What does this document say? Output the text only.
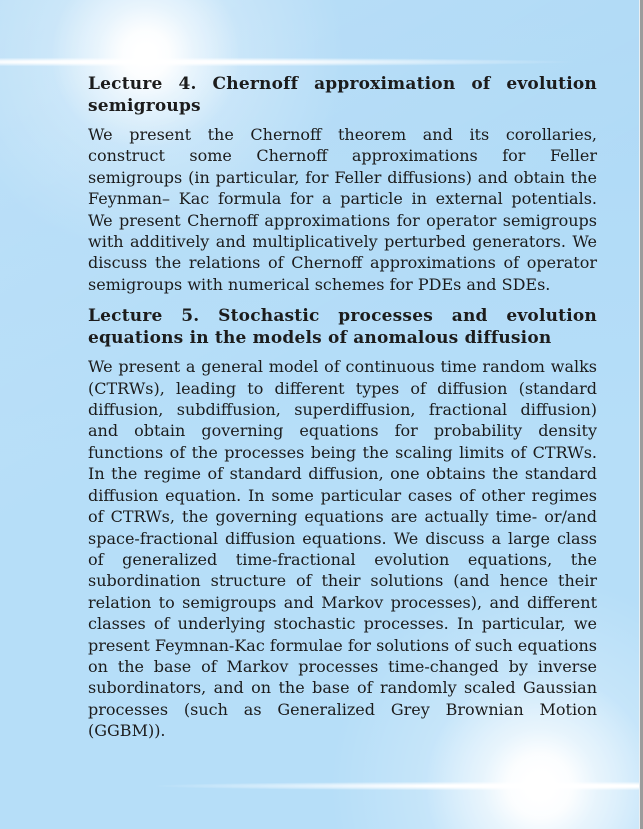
Lecture 4. Chernoff approximation of evolution semigroups

We present the Chernoff theorem and its corollaries, construct some Chernoff approximations for Feller semigroups (in particular, for Feller diffusions) and obtain the Feynman– Kac formula for a particle in external potentials. We present Chernoff approximations for operator semigroups with additively and multiplicatively perturbed generators. We discuss the relations of Chernoff approximations of operator semigroups with numerical schemes for PDEs and SDEs.

Lecture 5. Stochastic processes and evolution equations in the models of anomalous diffusion

We present a general model of continuous time random walks (CTRWs), leading to different types of diffusion (standard diffusion, subdiffusion, superdiffusion, fractional diffusion) and obtain governing equations for probability density functions of the processes being the scaling limits of CTRWs. In the regime of standard diffusion, one obtains the standard diffusion equation. In some particular cases of other regimes of CTRWs, the governing equations are actually time- or/and space-fractional diffusion equations. We discuss a large class of generalized time-fractional evolution equations, the subordination structure of their solutions (and hence their relation to semigroups and Markov processes), and different classes of underlying stochastic processes. In particular, we present Feymnan-Kac formulae for solutions of such equations on the base of Markov processes time-changed by inverse subordinators, and on the base of randomly scaled Gaussian processes (such as Generalized Grey Brownian Motion (GGBM)).
